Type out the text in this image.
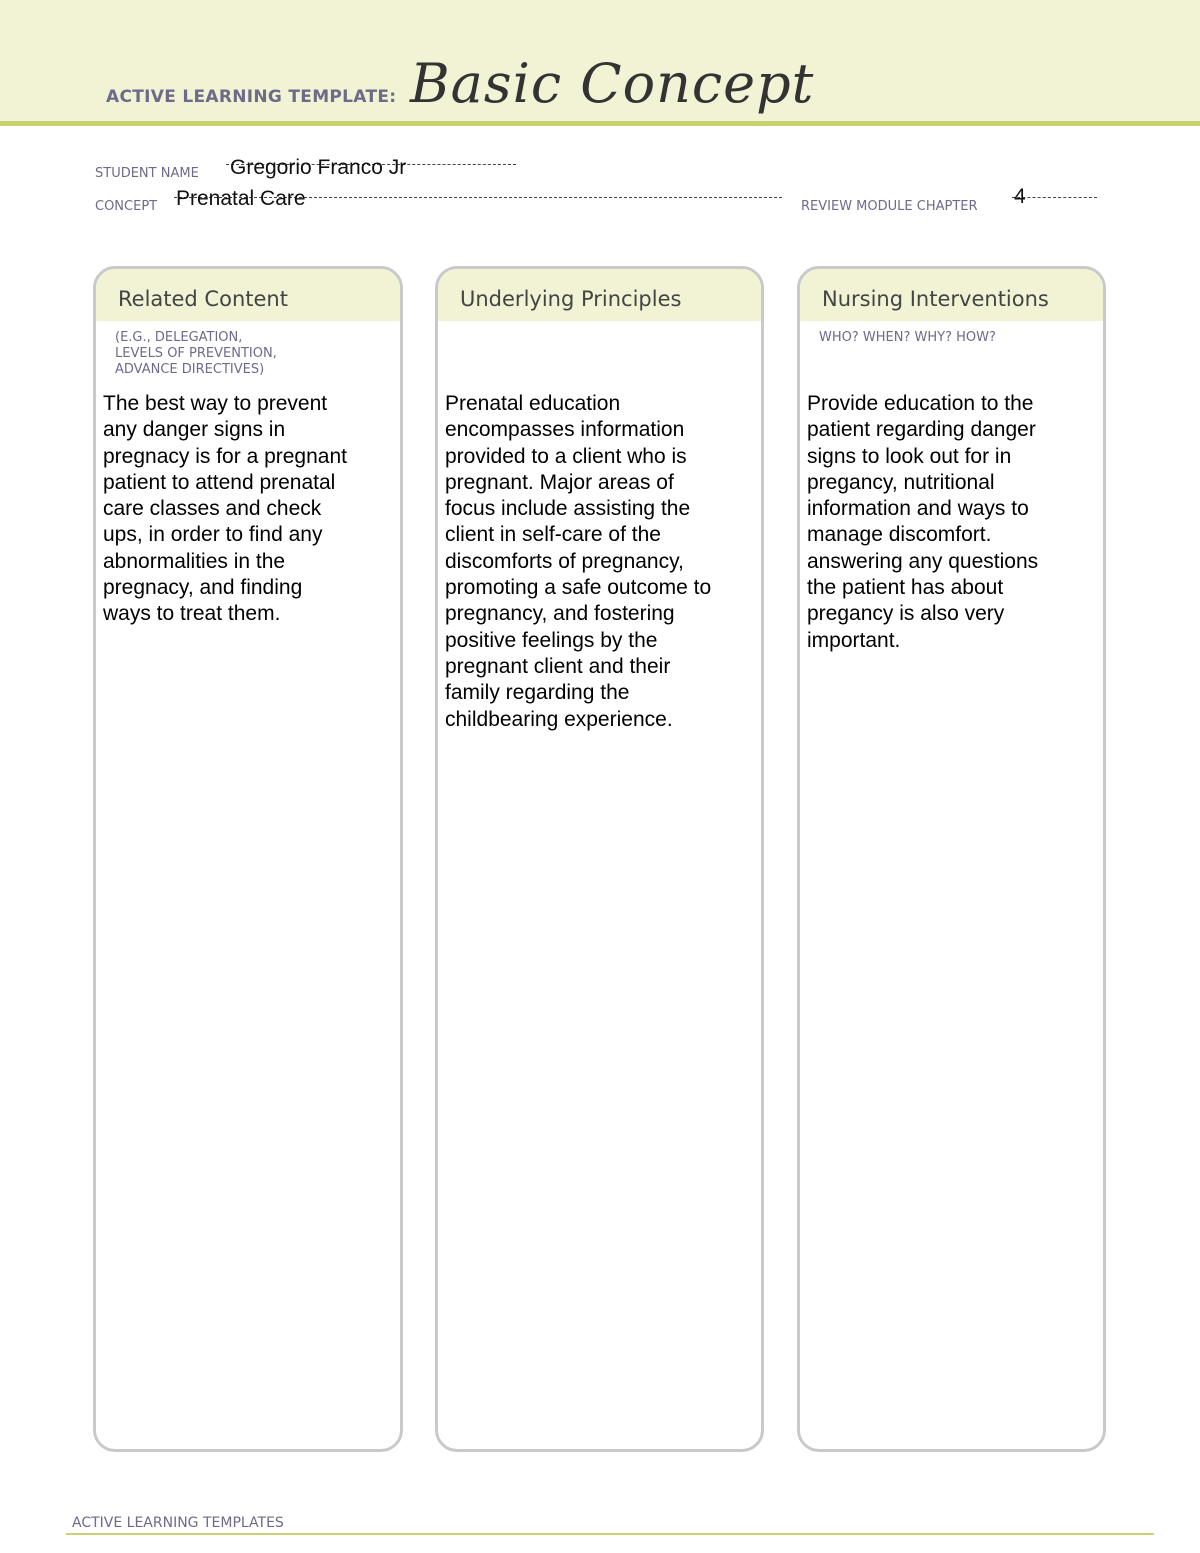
ACTIVE LEARNING TEMPLATE: Basic Concept
STUDENT NAME Gregorio Franco Jr
CONCEPT Prenatal Care	REVIEW MODULE CHAPTER 4
Related Content
(E.G., DELEGATION,
LEVELS OF PREVENTION,
ADVANCE DIRECTIVES)
The best way to prevent
any danger signs in
pregnacy is for a pregnant
patient to attend prenatal
care classes and check
ups, in order to find any
abnormalities in the
pregnacy, and finding
ways to treat them.
Underlying Principles
Prenatal education
encompasses information
provided to a client who is
pregnant. Major areas of
focus include assisting the
client in self-care of the
discomforts of pregnancy,
promoting a safe outcome to
pregnancy, and fostering
positive feelings by the
pregnant client and their
family regarding the
childbearing experience.
Nursing Interventions
WHO? WHEN? WHY? HOW?
Provide education to the
patient regarding danger
signs to look out for in
pregancy, nutritional
information and ways to
manage discomfort.
answering any questions
the patient has about
pregancy is also very
important.
ACTIVE LEARNING TEMPLATES
